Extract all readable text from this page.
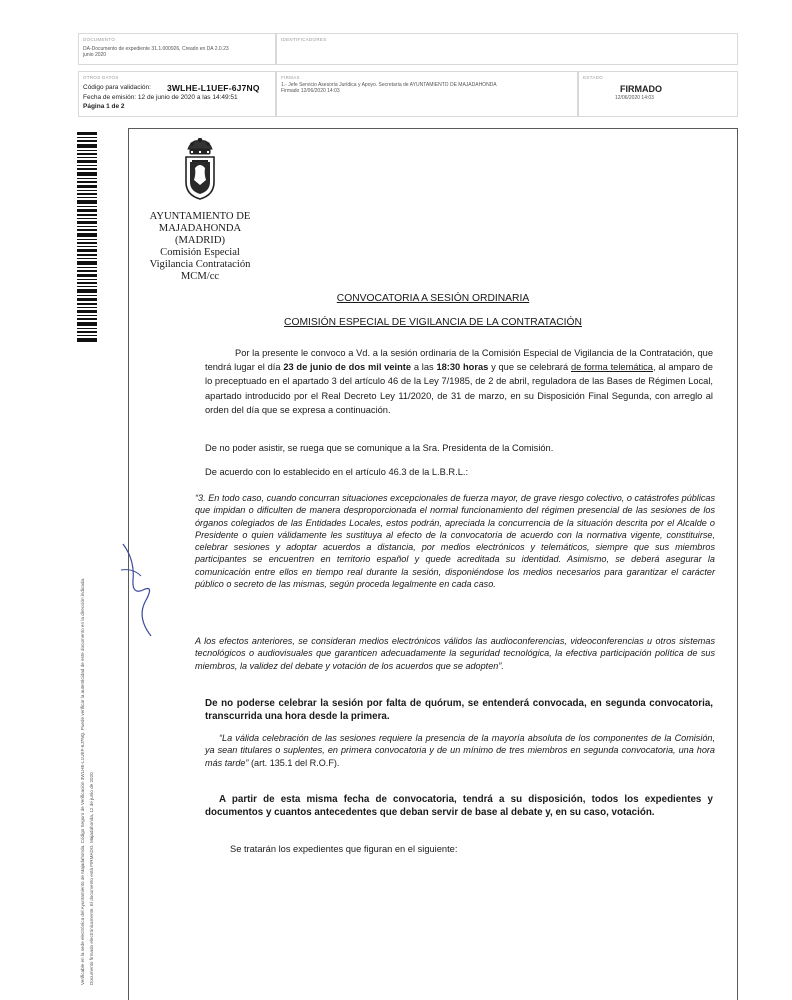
DOCUMENTO
DA-Documento de expediente 31.1.000926, Creado en DA 2.0.23
junio 2020
IDENTIFICADORES
OTROS DATOS
Código para validación: 3WLHE-L1UEF-6J7NQ
Fecha de emisión: 12 de junio de 2020 a las 14:49:51
Página 1 de 2
FIRMAS
1.- Jefe Servicio Asesoría Jurídica y Apoyo. Secretaría de AYUNTAMIENTO DE MAJADAHONDA
Firmado 12/06/2020 14:03
ESTADO
FIRMADO
12/06/2020 14:03
Verificable en la sede electrónica del Ayuntamiento de Majadahonda. Código Seguro de Verificación 3WLHE-L1UEF-6J7NQ. Puede verificar la autenticidad de este documento en la dirección indicada. Documento firmado electrónicamente. El documento está FIRMADO. Majadahonda, 12 de junio de 2020
AYUNTAMIENTO DE
MAJADAHONDA
(MADRID)
Comisión Especial
Vigilancia Contratación
MCM/cc
CONVOCATORIA A SESIÓN ORDINARIA
COMISIÓN ESPECIAL DE VIGILANCIA DE LA CONTRATACIÓN
Por la presente le convoco a Vd. a la sesión ordinaria de la Comisión Especial de Vigilancia de la Contratación, que tendrá lugar el día 23 de junio de dos mil veinte a las 18:30 horas y que se celebrará de forma telemática, al amparo de lo preceptuado en el apartado 3 del artículo 46 de la Ley 7/1985, de 2 de abril, reguladora de las Bases de Régimen Local, apartado introducido por el Real Decreto Ley 11/2020, de 31 de marzo, en su Disposición Final Segunda, con arreglo al orden del día que se expresa a continuación.
De no poder asistir, se ruega que se comunique a la Sra. Presidenta de la Comisión.
De acuerdo con lo establecido en el artículo 46.3 de la L.B.R.L.:
“3. En todo caso, cuando concurran situaciones excepcionales de fuerza mayor, de grave riesgo colectivo, o catástrofes públicas que impidan o dificulten de manera desproporcionada el normal funcionamiento del régimen presencial de las sesiones de los órganos colegiados de las Entidades Locales, estos podrán, apreciada la concurrencia de la situación descrita por el Alcalde o Presidente o quien válidamente les sustituya al efecto de la convocatoria de acuerdo con la normativa vigente, constituirse, celebrar sesiones y adoptar acuerdos a distancia, por medios electrónicos y telemáticos, siempre que sus miembros participantes se encuentren en territorio español y quede acreditada su identidad. Asimismo, se deberá asegurar la comunicación entre ellos en tiempo real durante la sesión, disponiéndose los medios necesarios para garantizar el carácter público o secreto de las mismas, según proceda legalmente en cada caso.
A los efectos anteriores, se consideran medios electrónicos válidos las audioconferencias, videoconferencias u otros sistemas tecnológicos o audiovisuales que garanticen adecuadamente la seguridad tecnológica, la efectiva participación política de sus miembros, la validez del debate y votación de los acuerdos que se adopten”.
De no poderse celebrar la sesión por falta de quórum, se entenderá convocada, en segunda convocatoria, transcurrida una hora desde la primera.
“La válida celebración de las sesiones requiere la presencia de la mayoría absoluta de los componentes de la Comisión, ya sean titulares o suplentes, en primera convocatoria y de un mínimo de tres miembros en segunda convocatoria, una hora más tarde” (art. 135.1 del R.O.F).
A partir de esta misma fecha de convocatoria, tendrá a su disposición, todos los expedientes y documentos y cuantos antecedentes que deban servir de base al debate y, en su caso, votación.
Se tratarán los expedientes que figuran en el siguiente:
